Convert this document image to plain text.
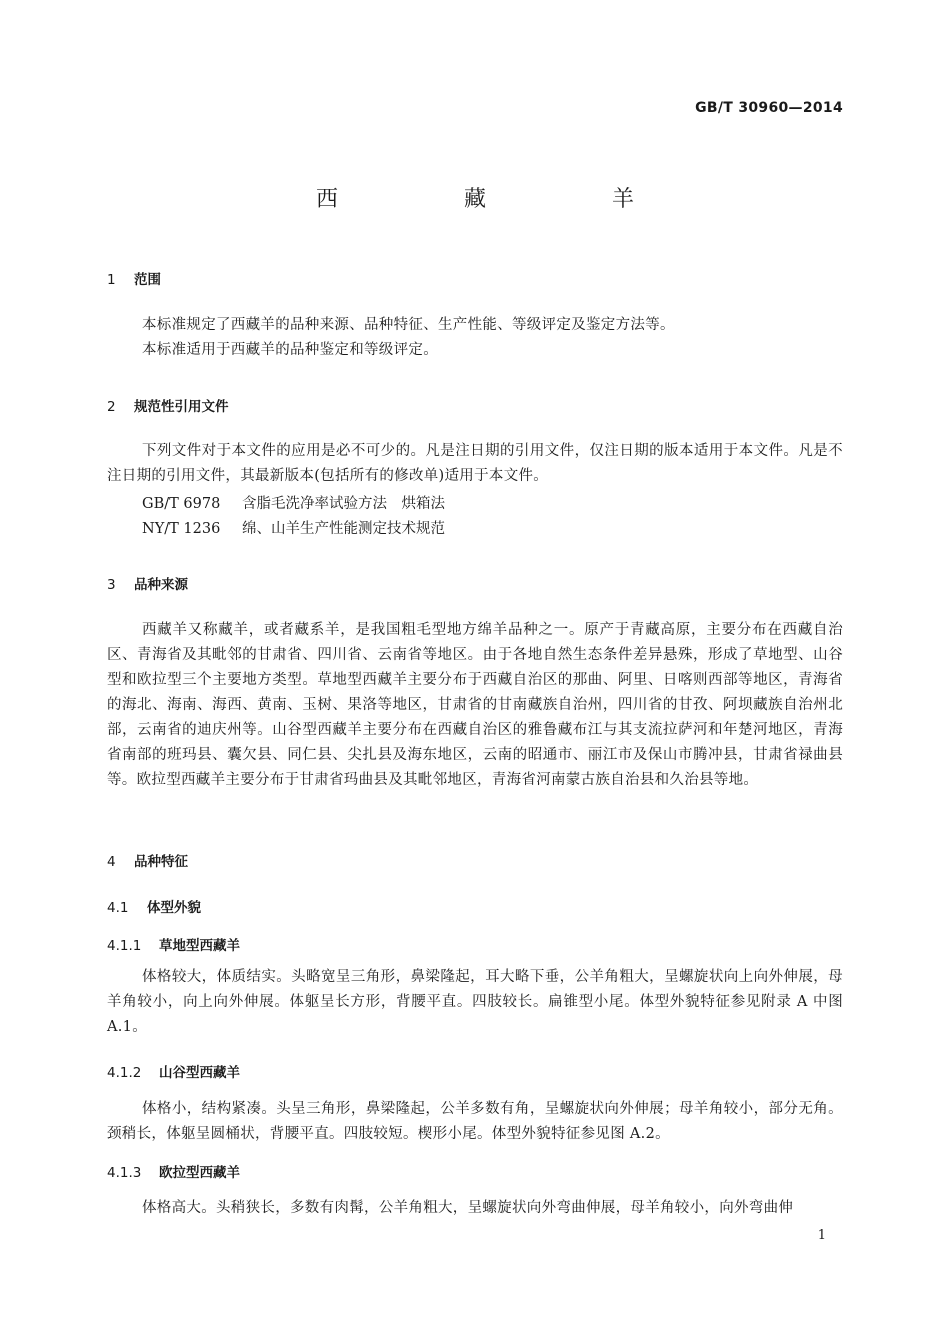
GB/T 30960—2014
西　藏　羊
1 范围
本标准规定了西藏羊的品种来源、品种特征、生产性能、等级评定及鉴定方法等。
本标准适用于西藏羊的品种鉴定和等级评定。
2 规范性引用文件
下列文件对于本文件的应用是必不可少的。凡是注日期的引用文件，仅注日期的版本适用于本文件。凡是不注日期的引用文件，其最新版本(包括所有的修改单)适用于本文件。
GB/T 6978 含脂毛洗净率试验方法　烘箱法
NY/T 1236 绵、山羊生产性能测定技术规范
3 品种来源
西藏羊又称藏羊，或者藏系羊，是我国粗毛型地方绵羊品种之一。原产于青藏高原，主要分布在西藏自治区、青海省及其毗邻的甘肃省、四川省、云南省等地区。由于各地自然生态条件差异悬殊，形成了草地型、山谷型和欧拉型三个主要地方类型。草地型西藏羊主要分布于西藏自治区的那曲、阿里、日喀则西部等地区，青海省的海北、海南、海西、黄南、玉树、果洛等地区，甘肃省的甘南藏族自治州，四川省的甘孜、阿坝藏族自治州北部，云南省的迪庆州等。山谷型西藏羊主要分布在西藏自治区的雅鲁藏布江与其支流拉萨河和年楚河地区，青海省南部的班玛县、囊欠县、同仁县、尖扎县及海东地区，云南的昭通市、丽江市及保山市腾冲县，甘肃省禄曲县等。欧拉型西藏羊主要分布于甘肃省玛曲县及其毗邻地区，青海省河南蒙古族自治县和久治县等地。
4 品种特征
4.1 体型外貌
4.1.1 草地型西藏羊
体格较大，体质结实。头略宽呈三角形，鼻梁隆起，耳大略下垂，公羊角粗大，呈螺旋状向上向外伸展，母羊角较小，向上向外伸展。体躯呈长方形，背腰平直。四肢较长。扁锥型小尾。体型外貌特征参见附录 A 中图 A.1。
4.1.2 山谷型西藏羊
体格小，结构紧凑。头呈三角形，鼻梁隆起，公羊多数有角，呈螺旋状向外伸展；母羊角较小，部分无角。颈稍长，体躯呈圆桶状，背腰平直。四肢较短。楔形小尾。体型外貌特征参见图 A.2。
4.1.3 欧拉型西藏羊
体格高大。头稍狭长，多数有肉髯，公羊角粗大，呈螺旋状向外弯曲伸展，母羊角较小，向外弯曲伸
1
